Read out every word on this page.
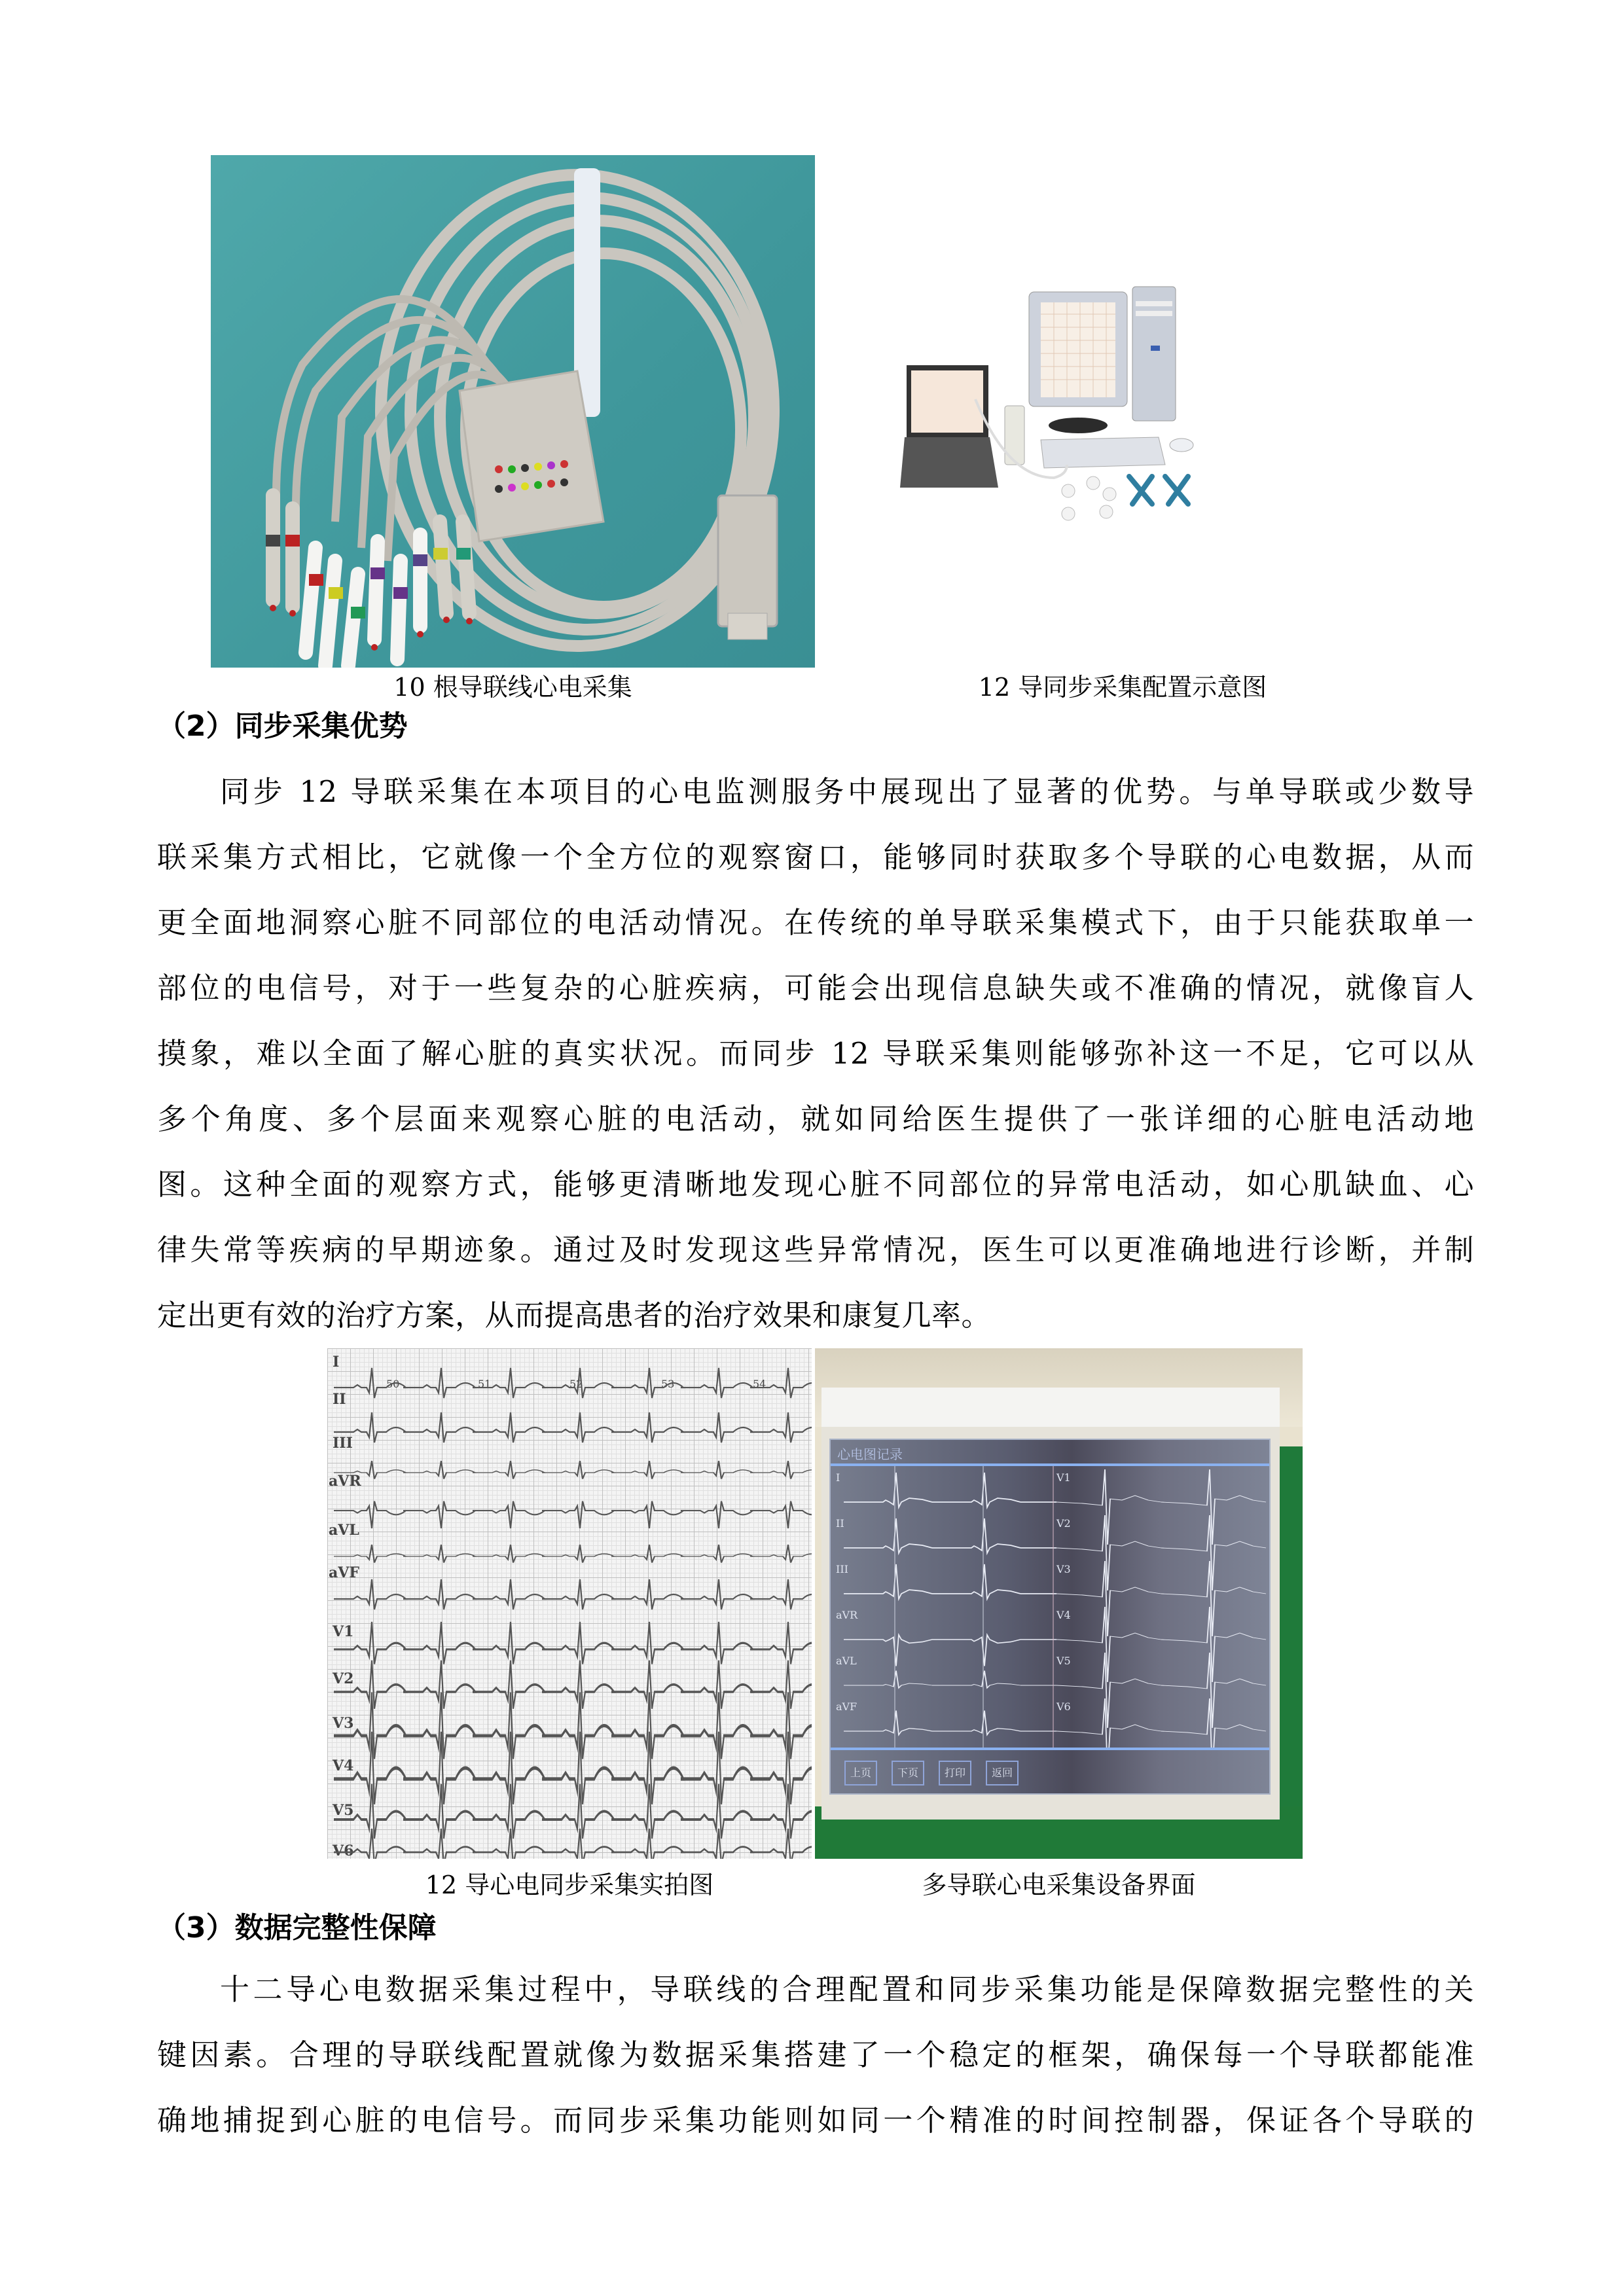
10 根导联线心电采集	12 导同步采集配置示意图
（2）同步采集优势
同步 12 导联采集在本项目的心电监测服务中展现出了显著的优势。与单导联或少数导
联采集方式相比，它就像一个全方位的观察窗口，能够同时获取多个导联的心电数据，从而
更全面地洞察心脏不同部位的电活动情况。在传统的单导联采集模式下，由于只能获取单一
部位的电信号，对于一些复杂的心脏疾病，可能会出现信息缺失或不准确的情况，就像盲人
摸象，难以全面了解心脏的真实状况。而同步 12 导联采集则能够弥补这一不足，它可以从
多个角度、多个层面来观察心脏的电活动，就如同给医生提供了一张详细的心脏电活动地
图。这种全面的观察方式，能够更清晰地发现心脏不同部位的异常电活动，如心肌缺血、心
律失常等疾病的早期迹象。通过及时发现这些异常情况，医生可以更准确地进行诊断，并制
定出更有效的治疗方案，从而提高患者的治疗效果和康复几率。
I
II
III
aVR
aVL
aVF
V1
V2
V3
V4
V5
V6
50	51	52	53	54
心电图记录
I
II
III
aVR
aVL
aVF
V1
V2
V3
V4
V5
V6
上页	下页	打印	返回
12 导心电同步采集实拍图	多导联心电采集设备界面
（3）数据完整性保障
十二导心电数据采集过程中，导联线的合理配置和同步采集功能是保障数据完整性的关
键因素。合理的导联线配置就像为数据采集搭建了一个稳定的框架，确保每一个导联都能准
确地捕捉到心脏的电信号。而同步采集功能则如同一个精准的时间控制器，保证各个导联的
